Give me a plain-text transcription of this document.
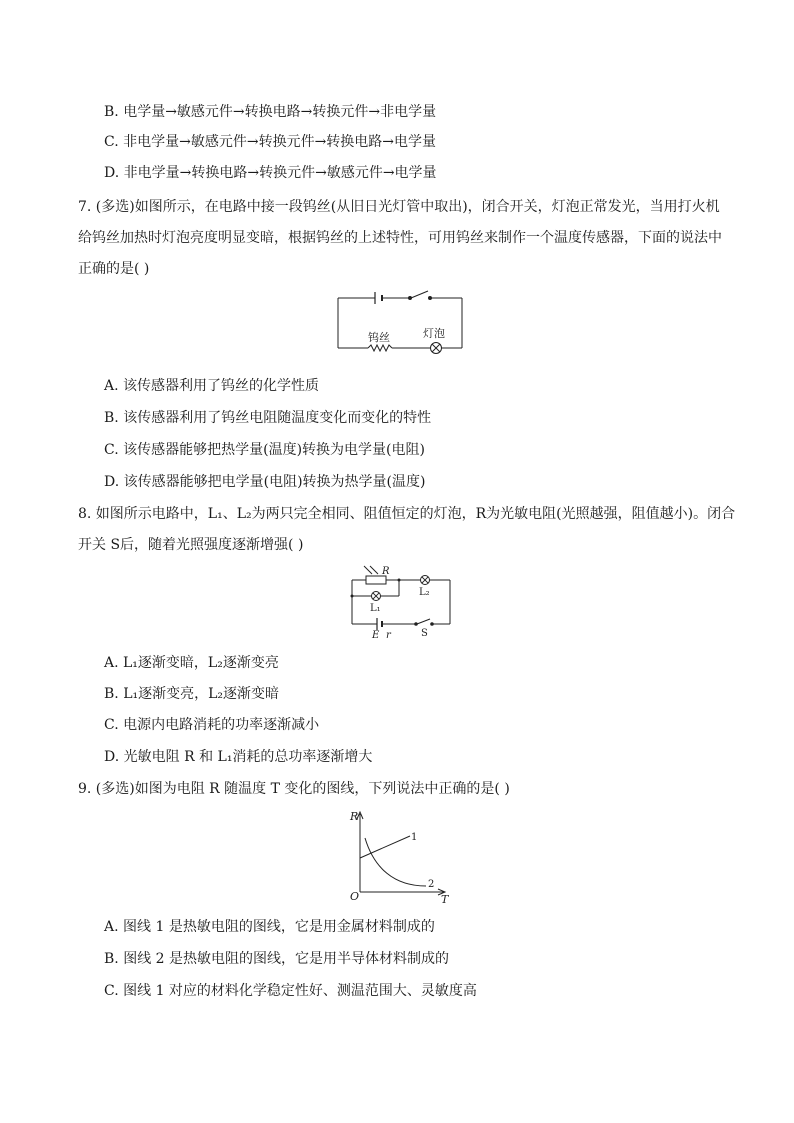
B. 电学量→敏感元件→转换电路→转换元件→非电学量
C. 非电学量→敏感元件→转换元件→转换电路→电学量
D. 非电学量→转换电路→转换元件→敏感元件→电学量
7. (多选)如图所示，在电路中接一段钨丝(从旧日光灯管中取出)，闭合开关，灯泡正常发光，当用打火机
给钨丝加热时灯泡亮度明显变暗，根据钨丝的上述特性，可用钨丝来制作一个温度传感器，下面的说法中
正确的是( )
钨丝	灯泡
A. 该传感器利用了钨丝的化学性质
B. 该传感器利用了钨丝电阻随温度变化而变化的特性
C. 该传感器能够把热学量(温度)转换为电学量(电阻)
D. 该传感器能够把电学量(电阻)转换为热学量(温度)
8. 如图所示电路中，L₁、L₂为两只完全相同、阻值恒定的灯泡，R为光敏电阻(光照越强，阻值越小)。闭合
开关 S后，随着光照强度逐渐增强( )
R
L₂
L₁
E r	S
A. L₁逐渐变暗，L₂逐渐变亮
B. L₁逐渐变亮，L₂逐渐变暗
C. 电源内电路消耗的功率逐渐减小
D. 光敏电阻 R 和 L₁消耗的总功率逐渐增大
9. (多选)如图为电阻 R 随温度 T 变化的图线，下列说法中正确的是( )
R
T
O
1
2
A. 图线 1 是热敏电阻的图线，它是用金属材料制成的
B. 图线 2 是热敏电阻的图线，它是用半导体材料制成的
C. 图线 1 对应的材料化学稳定性好、测温范围大、灵敏度高
